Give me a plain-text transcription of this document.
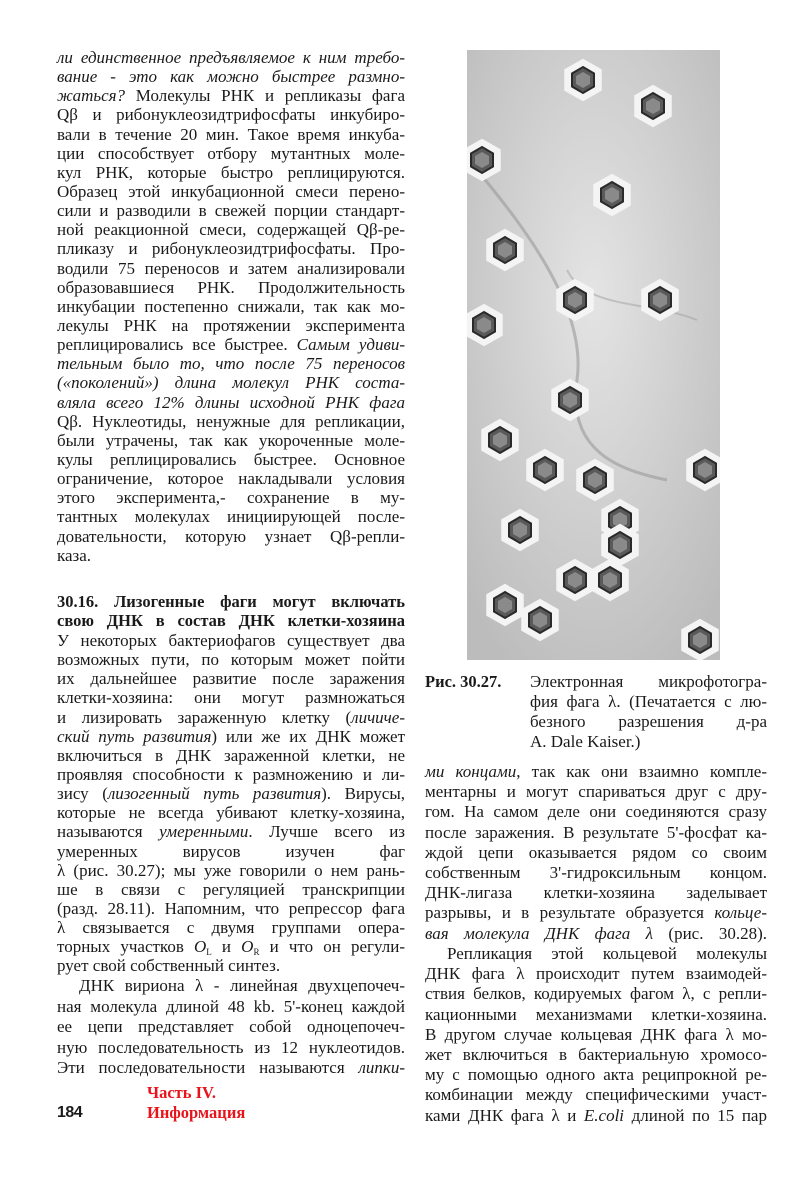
ли единственное предъявляемое к ним требо-
вание - это как можно быстрее размно-
жаться? Молекулы РНК и репликазы фага
Qβ и рибонуклеозидтрифосфаты инкубиро-
вали в течение 20 мин. Такое время инкуба-
ции способствует отбору мутантных моле-
кул РНК, которые быстро реплицируются.
Образец этой инкубационной смеси перено-
сили и разводили в свежей порции стандарт-
ной реакционной смеси, содержащей Qβ-ре-
пликазу и рибонуклеозидтрифосфаты. Про-
водили 75 переносов и затем анализировали
образовавшиеся РНК. Продолжительность
инкубации постепенно снижали, так как мо-
лекулы РНК на протяжении эксперимента
реплицировались все быстрее. Самым удиви-
тельным было то, что после 75 переносов
(«поколений») длина молекул РНК соста-
вляла всего 12% длины исходной РНК фага
Qβ. Нуклеотиды, ненужные для репликации,
были утрачены, так как укороченные моле-
кулы реплицировались быстрее. Основное
ограничение, которое накладывали условия
этого эксперимента,- сохранение в му-
тантных молекулах инициирующей после-
довательности, которую узнает Qβ-репли-
каза.
30.16. Лизогенные фаги могут включать
свою ДНК в состав ДНК клетки-хозяина
У некоторых бактериофагов существует два
возможных пути, по которым может пойти
их дальнейшее развитие после заражения
клетки-хозяина: они могут размножаться
и лизировать зараженную клетку (личиче-
ский путь развития) или же их ДНК может
включиться в ДНК зараженной клетки, не
проявляя способности к размножению и ли-
зису (лизогенный путь развития). Вирусы,
которые не всегда убивают клетку-хозяина,
называются умеренными. Лучше всего из
умеренных вирусов изучен фаг
λ (рис. 30.27); мы уже говорили о нем рань-
ше в связи с регуляцией транскрипции
(разд. 28.11). Напомним, что репрессор фага
λ связывается с двумя группами опера-
торных участков $O_L$ и $O_R$ и что он регули-
рует свой собственный синтез.
ДНК вириона λ - линейная двухцепочеч-
ная молекула длиной 48 kb. 5'-конец каждой
ее цепи представляет собой одноцепочеч-
ную последовательность из 12 нуклеотидов.
Эти последовательности называются липки-
Рис. 30.27. Электронная микрофотогра-
фия фага λ. (Печатается с лю-
безного разрешения д-ра
A. Dale Kaiser.)
ми концами, так как они взаимно компле-
ментарны и могут спариваться друг с дру-
гом. На самом деле они соединяются сразу
после заражения. В результате 5'-фосфат ка-
ждой цепи оказывается рядом со своим
собственным 3'-гидроксильным концом.
ДНК-лигаза клетки-хозяина заделывает
разрывы, и в результате образуется кольце-
вая молекула ДНК фага λ (рис. 30.28).
Репликация этой кольцевой молекулы
ДНК фага λ происходит путем взаимодей-
ствия белков, кодируемых фагом λ, с репли-
кационными механизмами клетки-хозяина.
В другом случае кольцевая ДНК фага λ мо-
жет включиться в бактериальную хромосо-
му с помощью одного акта реципрокной ре-
комбинации между специфическими участ-
ками ДНК фага λ и E.coli длиной по 15 пар
Часть IV.
Информация
184
